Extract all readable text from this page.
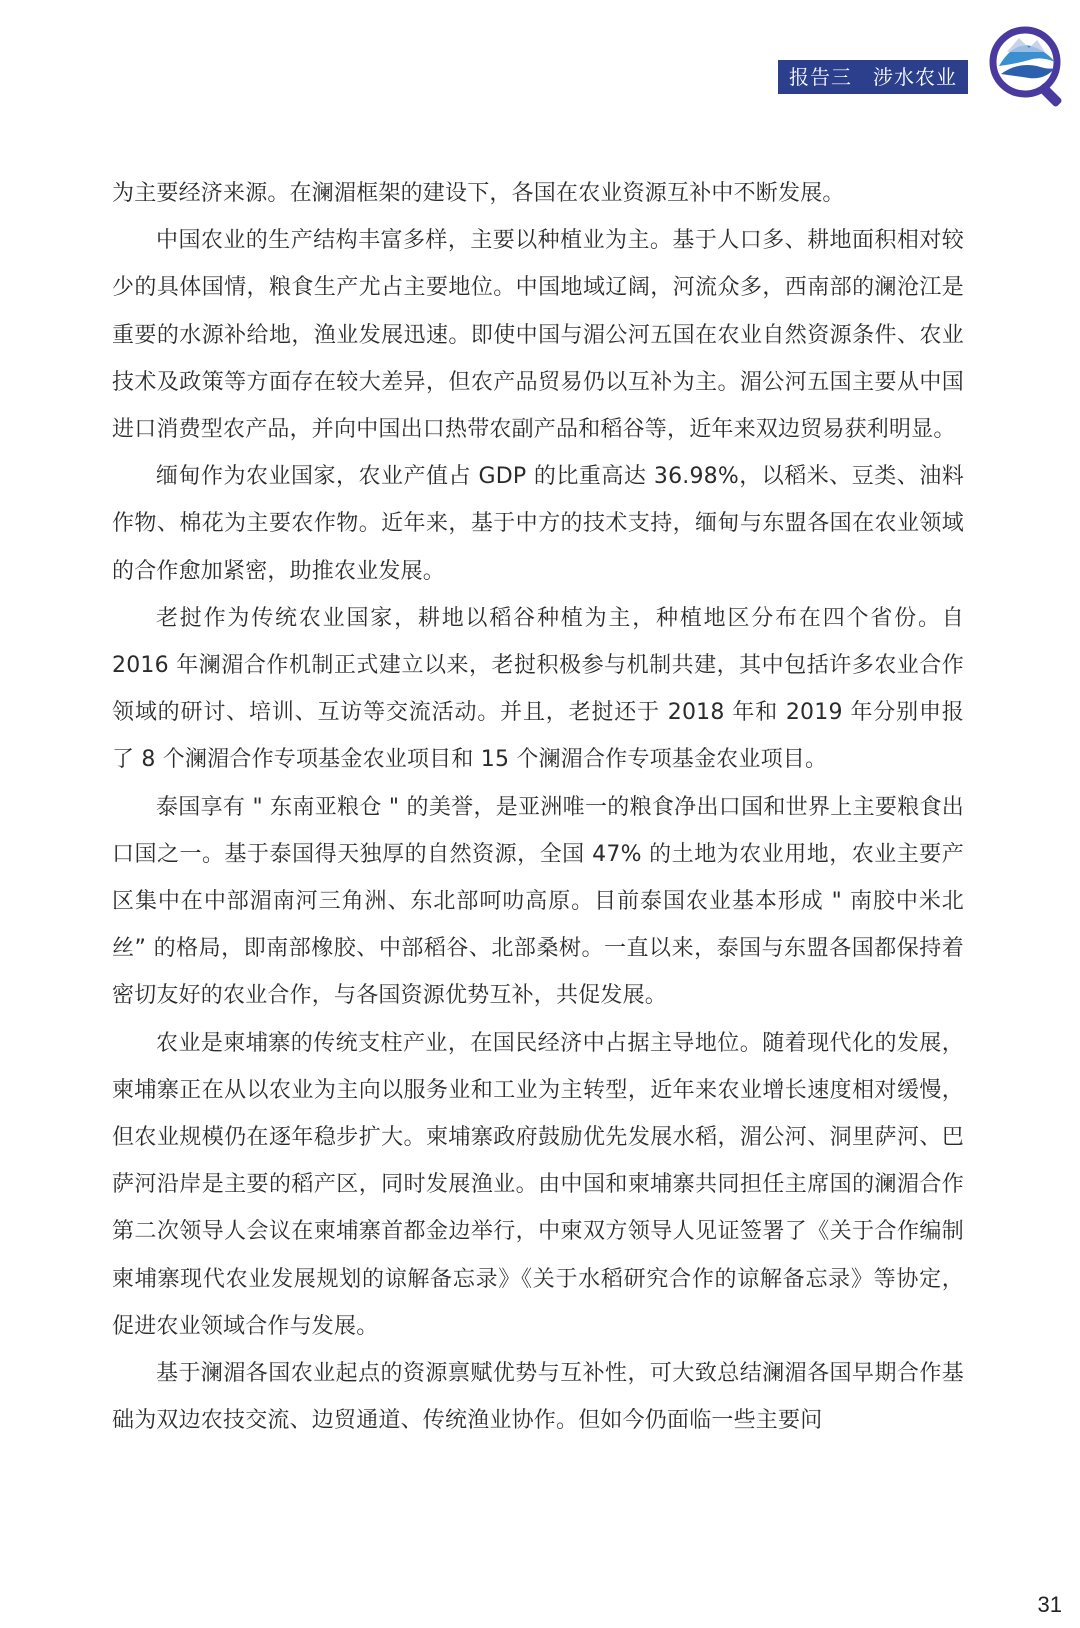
报告三　涉水农业

为主要经济来源。在澜湄框架的建设下，各国在农业资源互补中不断发展。

中国农业的生产结构丰富多样，主要以种植业为主。基于人口多、耕地面积相对较少的具体国情，粮食生产尤占主要地位。中国地域辽阔，河流众多，西南部的澜沧江是重要的水源补给地，渔业发展迅速。即使中国与湄公河五国在农业自然资源条件、农业技术及政策等方面存在较大差异，但农产品贸易仍以互补为主。湄公河五国主要从中国进口消费型农产品，并向中国出口热带农副产品和稻谷等，近年来双边贸易获利明显。

缅甸作为农业国家，农业产值占 GDP 的比重高达 36.98%，以稻米、豆类、油料作物、棉花为主要农作物。近年来，基于中方的技术支持，缅甸与东盟各国在农业领域的合作愈加紧密，助推农业发展。

老挝作为传统农业国家，耕地以稻谷种植为主，种植地区分布在四个省份。自 2016 年澜湄合作机制正式建立以来，老挝积极参与机制共建，其中包括许多农业合作领域的研讨、培训、互访等交流活动。并且，老挝还于 2018 年和 2019 年分别申报了 8 个澜湄合作专项基金农业项目和 15 个澜湄合作专项基金农业项目。

泰国享有 " 东南亚粮仓 " 的美誉，是亚洲唯一的粮食净出口国和世界上主要粮食出口国之一。基于泰国得天独厚的自然资源，全国 47% 的土地为农业用地，农业主要产区集中在中部湄南河三角洲、东北部呵叻高原。目前泰国农业基本形成 " 南胶中米北丝” 的格局，即南部橡胶、中部稻谷、北部桑树。一直以来，泰国与东盟各国都保持着密切友好的农业合作，与各国资源优势互补，共促发展。

农业是柬埔寨的传统支柱产业，在国民经济中占据主导地位。随着现代化的发展，柬埔寨正在从以农业为主向以服务业和工业为主转型，近年来农业增长速度相对缓慢，但农业规模仍在逐年稳步扩大。柬埔寨政府鼓励优先发展水稻，湄公河、洞里萨河、巴萨河沿岸是主要的稻产区，同时发展渔业。由中国和柬埔寨共同担任主席国的澜湄合作第二次领导人会议在柬埔寨首都金边举行，中柬双方领导人见证签署了《关于合作编制柬埔寨现代农业发展规划的谅解备忘录》《关于水稻研究合作的谅解备忘录》等协定，促进农业领域合作与发展。

基于澜湄各国农业起点的资源禀赋优势与互补性，可大致总结澜湄各国早期合作基础为双边农技交流、边贸通道、传统渔业协作。但如今仍面临一些主要问

31
